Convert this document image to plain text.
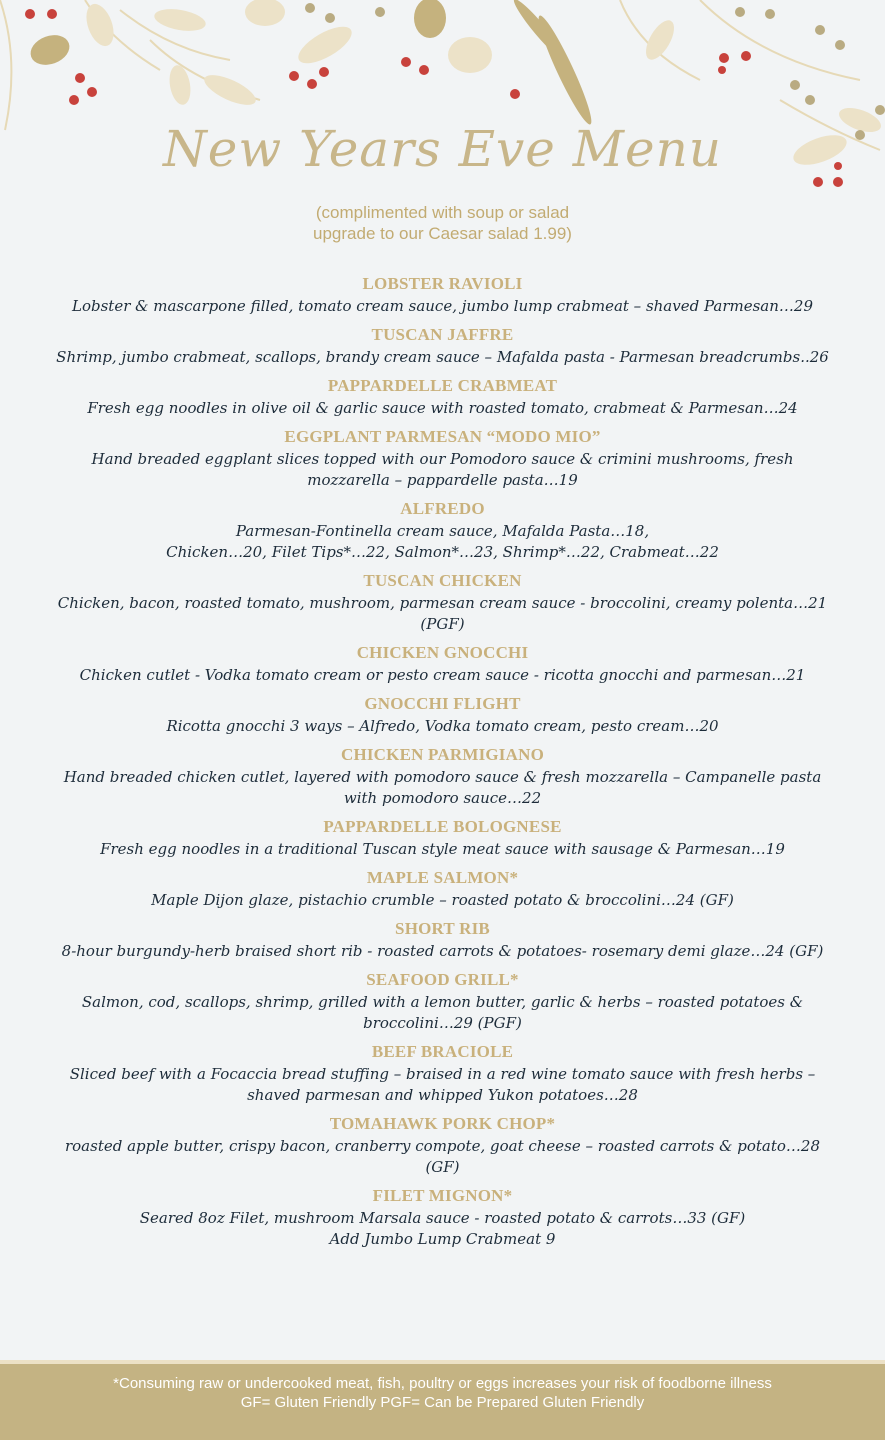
New Years Eve Menu
(complimented with soup or salad
upgrade to our Caesar salad 1.99)
LOBSTER RAVIOLI
Lobster & mascarpone filled, tomato cream sauce, jumbo lump crabmeat – shaved Parmesan…29
TUSCAN JAFFRE
Shrimp, jumbo crabmeat, scallops, brandy cream sauce – Mafalda pasta - Parmesan breadcrumbs..26
PAPPARDELLE CRABMEAT
Fresh egg noodles in olive oil & garlic sauce with roasted tomato, crabmeat & Parmesan…24
EGGPLANT PARMESAN “MODO MIO”
Hand breaded eggplant slices topped with our Pomodoro sauce & crimini mushrooms, fresh mozzarella – pappardelle pasta…19
ALFREDO
Parmesan-Fontinella cream sauce, Mafalda Pasta…18,
Chicken…20, Filet Tips*…22, Salmon*…23, Shrimp*…22, Crabmeat…22
TUSCAN CHICKEN
Chicken, bacon, roasted tomato, mushroom, parmesan cream sauce - broccolini, creamy polenta…21 (PGF)
CHICKEN GNOCCHI
Chicken cutlet - Vodka tomato cream or pesto cream sauce - ricotta gnocchi and parmesan…21
GNOCCHI FLIGHT
Ricotta gnocchi 3 ways – Alfredo, Vodka tomato cream, pesto cream…20
CHICKEN PARMIGIANO
Hand breaded chicken cutlet, layered with pomodoro sauce & fresh mozzarella – Campanelle pasta with pomodoro sauce…22
PAPPARDELLE BOLOGNESE
Fresh egg noodles in a traditional Tuscan style meat sauce with sausage & Parmesan…19
MAPLE SALMON*
Maple Dijon glaze, pistachio crumble – roasted potato & broccolini…24 (GF)
SHORT RIB
8-hour burgundy-herb braised short rib - roasted carrots & potatoes- rosemary demi glaze…24 (GF)
SEAFOOD GRILL*
Salmon, cod, scallops, shrimp, grilled with a lemon butter, garlic & herbs – roasted potatoes & broccolini…29 (PGF)
BEEF BRACIOLE
Sliced beef with a Focaccia bread stuffing – braised in a red wine tomato sauce with fresh herbs – shaved parmesan and whipped Yukon potatoes…28
TOMAHAWK PORK CHOP*
roasted apple butter, crispy bacon, cranberry compote, goat cheese – roasted carrots & potato…28 (GF)
FILET MIGNON*
Seared 8oz Filet, mushroom Marsala sauce - roasted potato & carrots…33 (GF)
Add Jumbo Lump Crabmeat 9
*Consuming raw or undercooked meat, fish, poultry or eggs increases your risk of foodborne illness
GF= Gluten Friendly PGF= Can be Prepared Gluten Friendly
